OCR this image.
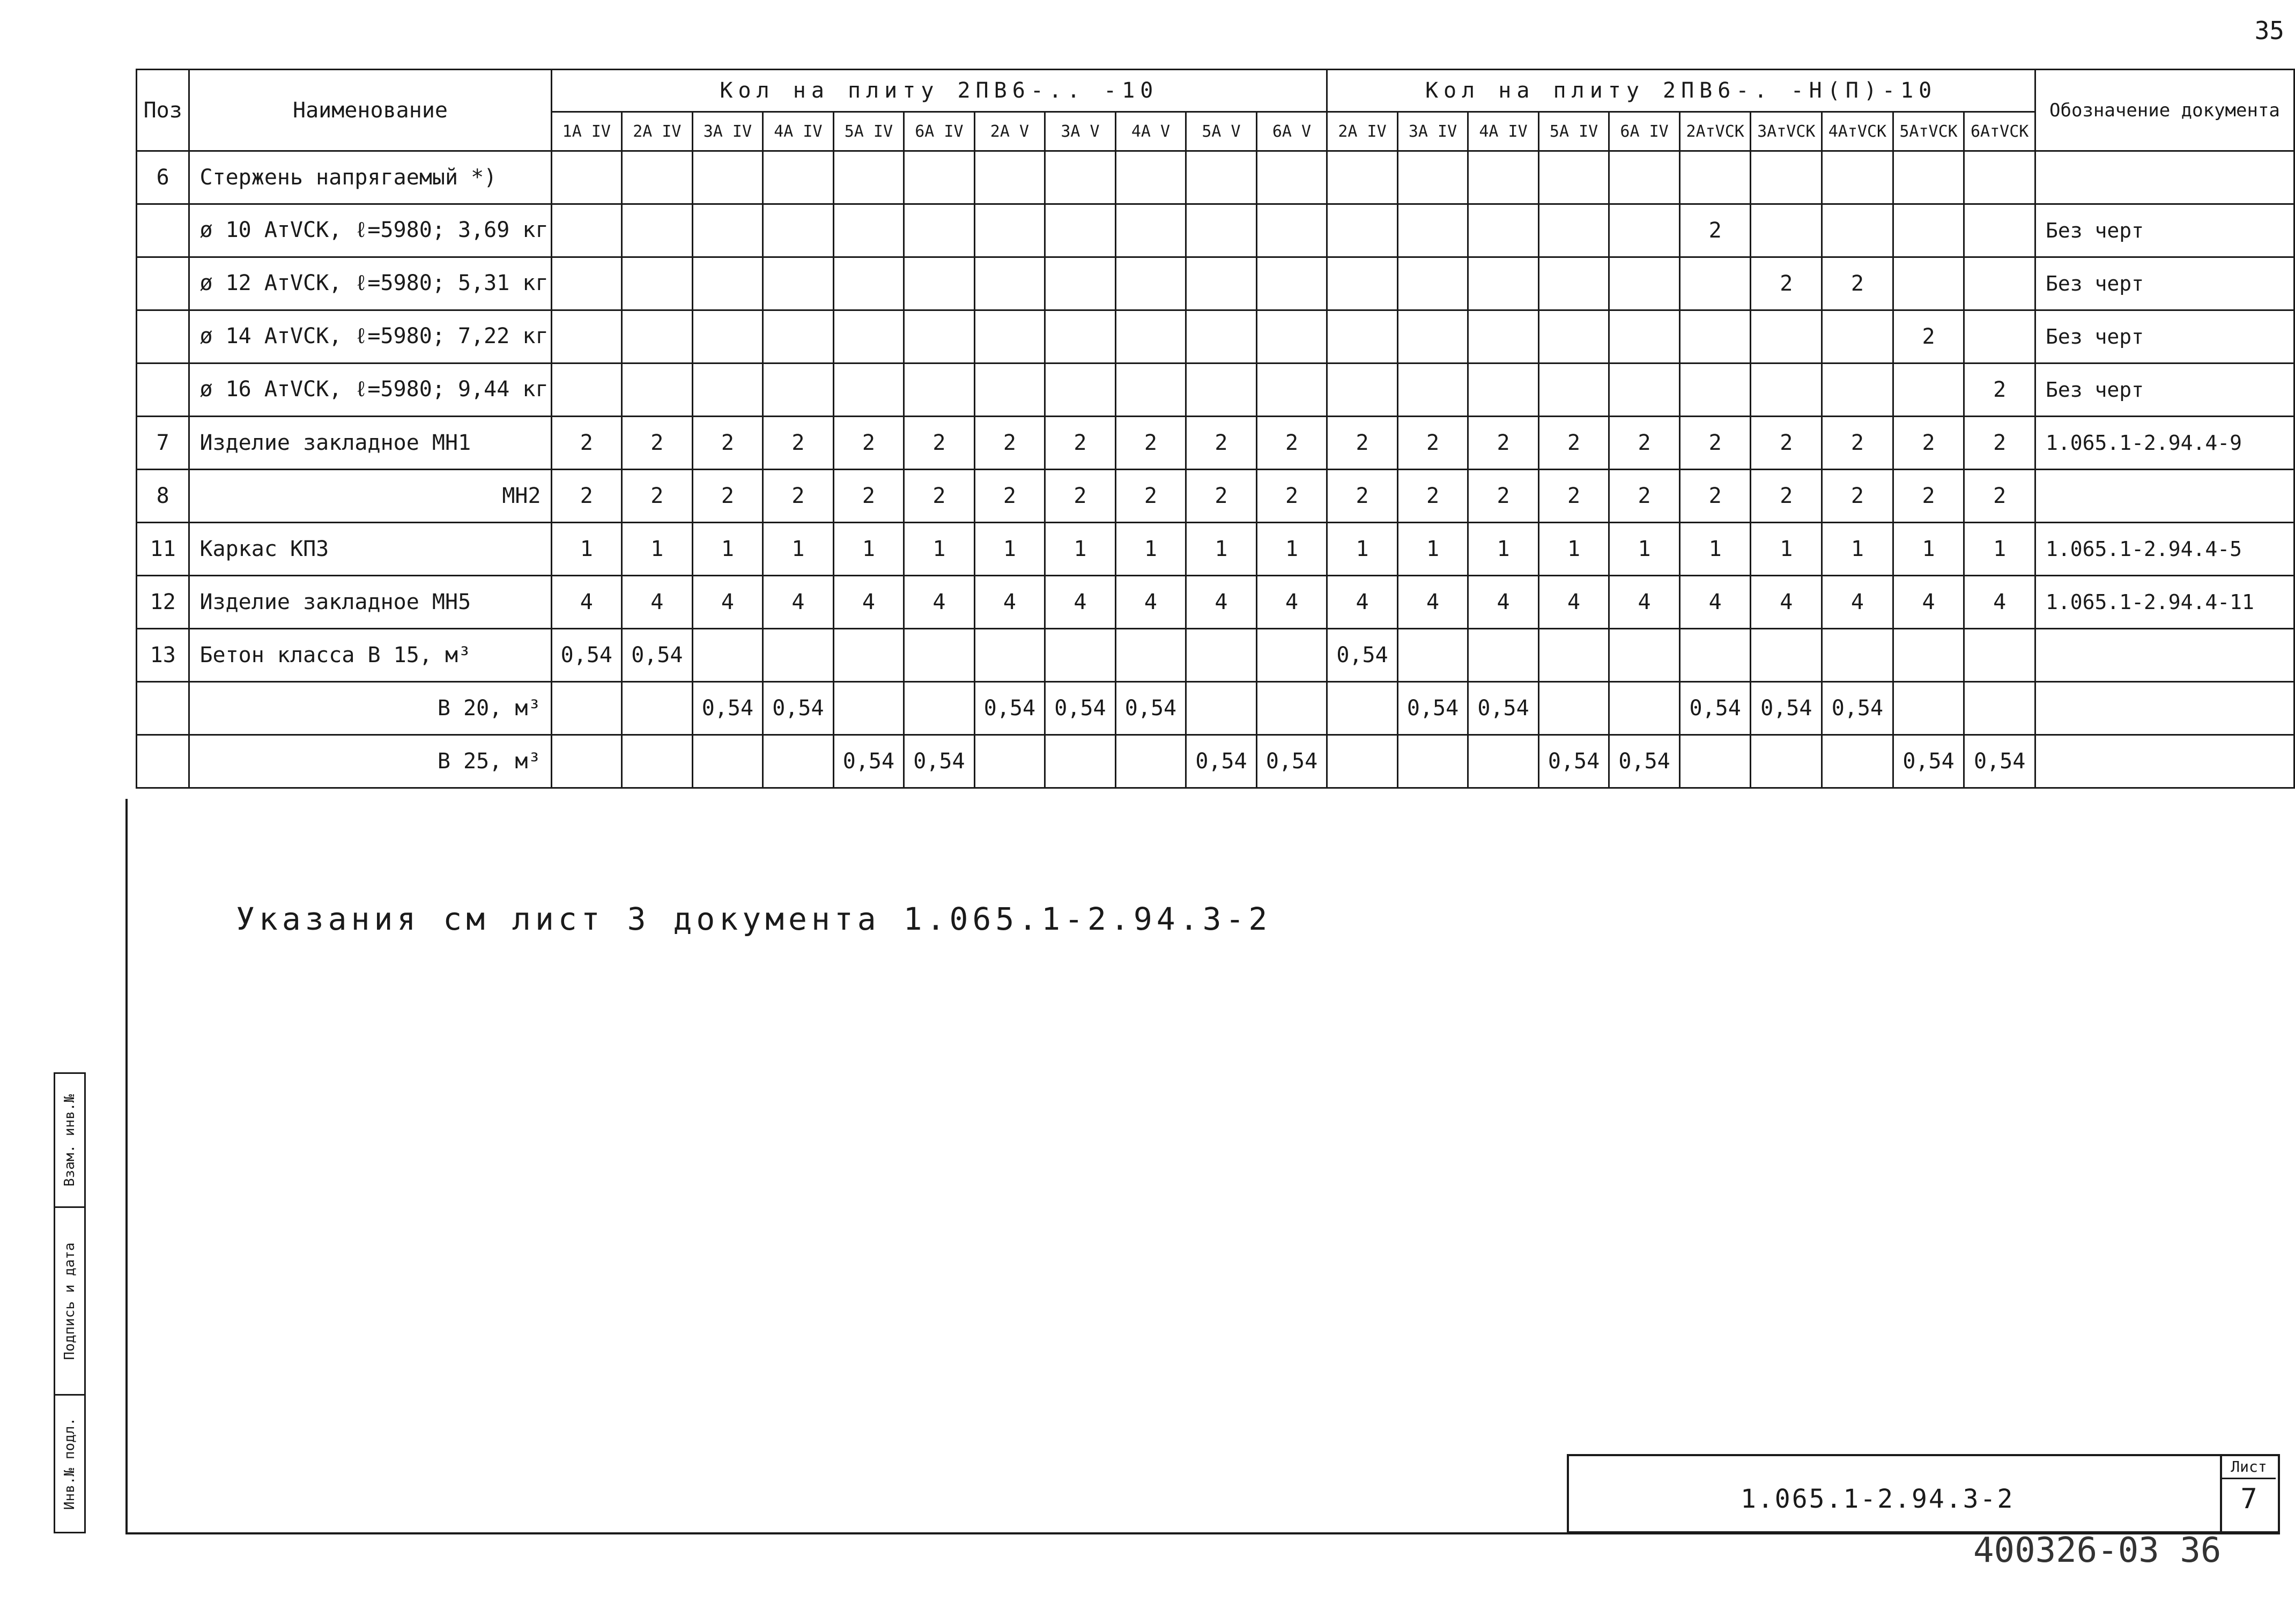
35
Поз	Наименование	Кол на плиту 2ПВ6-.. -10											Кол на плиту 2ПВ6-. -Н(П)-10										Обозначение документа
		1А IV	2А IV	3А IV	4А IV	5А IV	6А IV	2А V	3А V	4А V	5А V	6А V	2А IV	3А IV	4А IV	5А IV	6А IV	2АтVСК	3АтVСК	4АтVСК	5АтVСК	6АтVСК	
6	Стержень напрягаемый *)																						
	ø 10 АтVСК, ℓ=5980; 3,69 кг																	2					Без черт
	ø 12 АтVСК, ℓ=5980; 5,31 кг																		2	2			Без черт
	ø 14 АтVСК, ℓ=5980; 7,22 кг																				2		Без черт
	ø 16 АтVСК, ℓ=5980; 9,44 кг																					2	Без черт
7	Изделие закладное МН1	2	2	2	2	2	2	2	2	2	2	2	2	2	2	2	2	2	2	2	2	2	1.065.1-2.94.4-9
8	МН2	2	2	2	2	2	2	2	2	2	2	2	2	2	2	2	2	2	2	2	2	2	
11	Каркас КП3	1	1	1	1	1	1	1	1	1	1	1	1	1	1	1	1	1	1	1	1	1	1.065.1-2.94.4-5
12	Изделие закладное МН5	4	4	4	4	4	4	4	4	4	4	4	4	4	4	4	4	4	4	4	4	4	1.065.1-2.94.4-11
13	Бетон класса В 15, м³	0,54	0,54										0,54										
	В 20, м³			0,54	0,54			0,54	0,54	0,54				0,54	0,54			0,54	0,54	0,54			
	В 25, м³					0,54	0,54				0,54	0,54				0,54	0,54				0,54	0,54	
Указания см лист 3 документа 1.065.1-2.94.3-2
Взам. инв.№
Подпись и дата
Инв.№ подл.	1.065.1-2.94.3-2
Лист
7
400326-03 36
